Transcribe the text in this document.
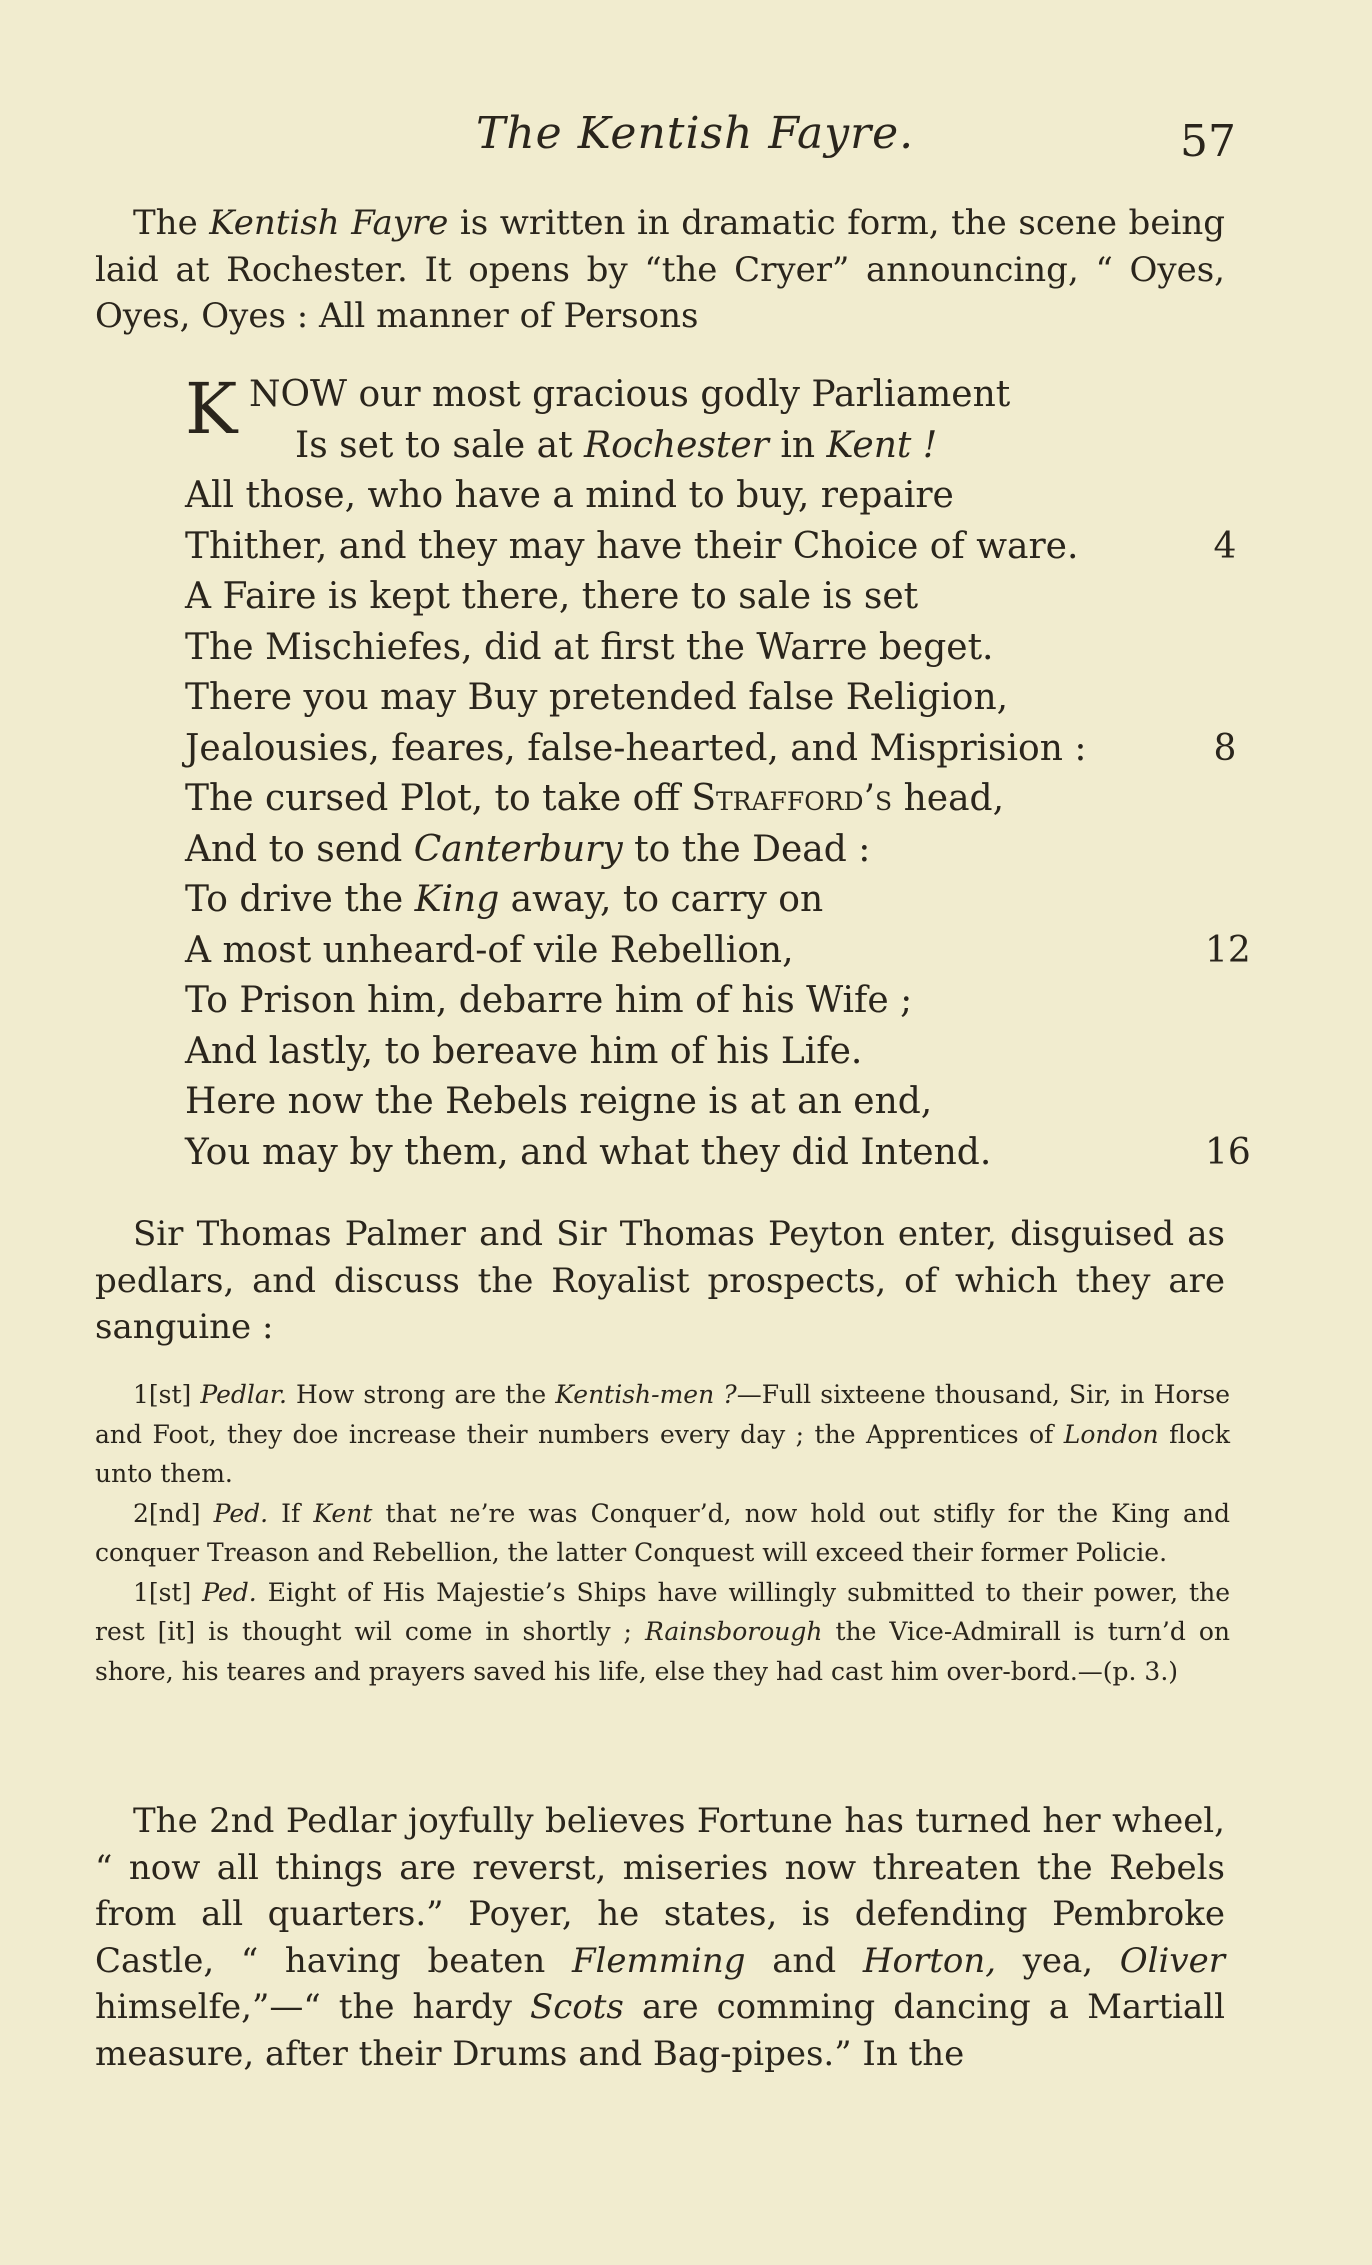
The Kentish Fayre.	57

The Kentish Fayre is written in dramatic form, the scene being laid at Rochester. It opens by “the Cryer” announcing, “ Oyes, Oyes, Oyes : All manner of Persons

K NOW our most gracious godly Parliament
Is set to sale at Rochester in Kent !
All those, who have a mind to buy, repaire
Thither, and they may have their Choice of ware.	4
A Faire is kept there, there to sale is set
The Mischiefes, did at first the Warre beget.
There you may Buy pretended false Religion,
Jealousies, feares, false-hearted, and Misprision :	8
The cursed Plot, to take off Strafford’s head,
And to send Canterbury to the Dead :
To drive the King away, to carry on
A most unheard-of vile Rebellion,	12
To Prison him, debarre him of his Wife ;
And lastly, to bereave him of his Life.
Here now the Rebels reigne is at an end,
You may by them, and what they did Intend.	16

Sir Thomas Palmer and Sir Thomas Peyton enter, disguised as pedlars, and discuss the Royalist prospects, of which they are sanguine :

1[st] Pedlar. How strong are the Kentish-men ?—Full sixteene thousand, Sir, in Horse and Foot, they doe increase their numbers every day ; the Apprentices of London flock unto them.

2[nd] Ped. If Kent that ne’re was Conquer’d, now hold out stifly for the King and conquer Treason and Rebellion, the latter Conquest will exceed their former Policie.

1[st] Ped. Eight of His Majestie’s Ships have willingly submitted to their power, the rest [it] is thought wil come in shortly ; Rainsborough the Vice-Admirall is turn’d on shore, his teares and prayers saved his life, else they had cast him over-bord.—(p. 3.)

The 2nd Pedlar joyfully believes Fortune has turned her wheel, “ now all things are reverst, miseries now threaten the Rebels from all quarters.” Poyer, he states, is defending Pembroke Castle, “ having beaten Flemming and Horton, yea, Oliver himselfe,”—“ the hardy Scots are comming dancing a Martiall measure, after their Drums and Bag-pipes.” In the
